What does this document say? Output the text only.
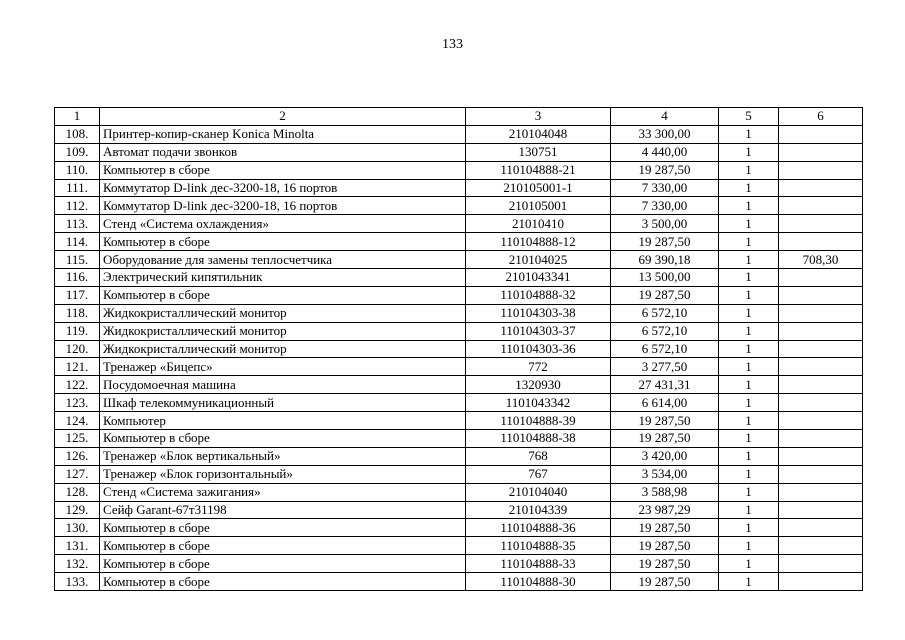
133
1	2	3	4	5	6
108.	Принтер-копир-сканер Konica Minolta	210104048	33 300,00	1	
109.	Автомат подачи звонков	130751	4 440,00	1	
110.	Компьютер в сборе	110104888-21	19 287,50	1	
111.	Коммутатор D-link дес-3200-18, 16 портов	210105001-1	7 330,00	1	
112.	Коммутатор D-link дес-3200-18, 16 портов	210105001	7 330,00	1	
113.	Стенд «Система охлаждения»	21010410	3 500,00	1	
114.	Компьютер в сборе	110104888-12	19 287,50	1	
115.	Оборудование для замены теплосчетчика	210104025	69 390,18	1	708,30
116.	Электрический кипятильник	2101043341	13 500,00	1	
117.	Компьютер в сборе	110104888-32	19 287,50	1	
118.	Жидкокристаллический монитор	110104303-38	6 572,10	1	
119.	Жидкокристаллический монитор	110104303-37	6 572,10	1	
120.	Жидкокристаллический монитор	110104303-36	6 572,10	1	
121.	Тренажер «Бицепс»	772	3 277,50	1	
122.	Посудомоечная машина	1320930	27 431,31	1	
123.	Шкаф телекоммуникационный	1101043342	6 614,00	1	
124.	Компьютер	110104888-39	19 287,50	1	
125.	Компьютер в сборе	110104888-38	19 287,50	1	
126.	Тренажер «Блок вертикальный»	768	3 420,00	1	
127.	Тренажер «Блок горизонтальный»	767	3 534,00	1	
128.	Стенд «Система зажигания»	210104040	3 588,98	1	
129.	Сейф Garant-67т31198	210104339	23 987,29	1	
130.	Компьютер в сборе	110104888-36	19 287,50	1	
131.	Компьютер в сборе	110104888-35	19 287,50	1	
132.	Компьютер в сборе	110104888-33	19 287,50	1	
133.	Компьютер в сборе	110104888-30	19 287,50	1	
